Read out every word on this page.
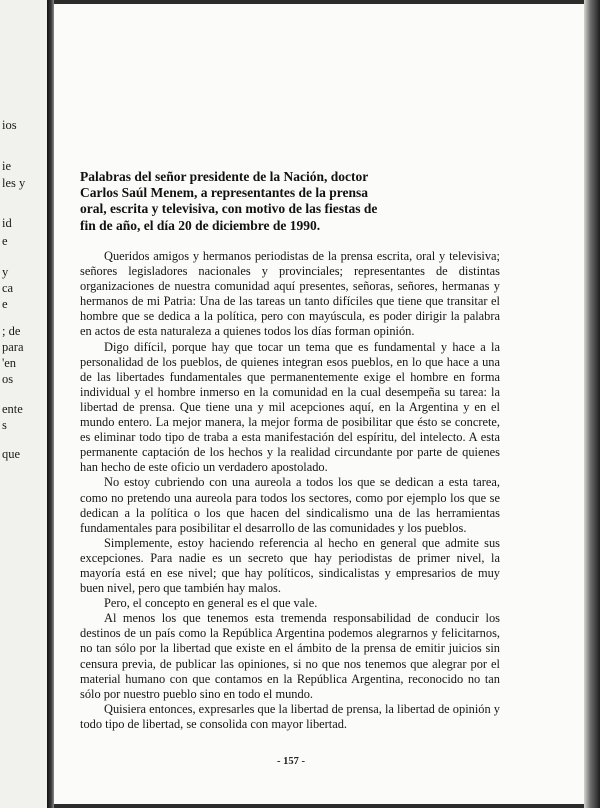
ios
ie
les y
id
e
y
ca
e
; de
para
'en
os
ente
s
que
Palabras del señor presidente de la Nación, doctor Carlos Saúl Menem, a representantes de la prensa oral, escrita y televisiva, con motivo de las fiestas de fin de año, el día 20 de diciembre de 1990.

Queridos amigos y hermanos periodistas de la prensa escrita, oral y televisiva; señores legisladores nacionales y provinciales; representantes de distintas organizaciones de nuestra comunidad aquí presentes, señoras, señores, hermanas y hermanos de mi Patria: Una de las tareas un tanto difíciles que tiene que transitar el hombre que se dedica a la política, pero con mayúscula, es poder dirigir la palabra en actos de esta naturaleza a quienes todos los días forman opinión.

Digo difícil, porque hay que tocar un tema que es fundamental y hace a la personalidad de los pueblos, de quienes integran esos pueblos, en lo que hace a una de las libertades fundamentales que permanentemente exige el hombre en forma individual y el hombre inmerso en la comunidad en la cual desempeña su tarea: la libertad de prensa. Que tiene una y mil acepciones aquí, en la Argentina y en el mundo entero. La mejor manera, la mejor forma de posibilitar que ésto se concrete, es eliminar todo tipo de traba a esta manifestación del espíritu, del intelecto. A esta permanente captación de los hechos y la realidad circundante por parte de quienes han hecho de este oficio un verdadero apostolado.

No estoy cubriendo con una aureola a todos los que se dedican a esta tarea, como no pretendo una aureola para todos los sectores, como por ejemplo los que se dedican a la política o los que hacen del sindicalismo una de las herramientas fundamentales para posibilitar el desarrollo de las comunidades y los pueblos.

Simplemente, estoy haciendo referencia al hecho en general que admite sus excepciones. Para nadie es un secreto que hay periodistas de primer nivel, la mayoría está en ese nivel; que hay políticos, sindicalistas y empresarios de muy buen nivel, pero que también hay malos.

Pero, el concepto en general es el que vale.

Al menos los que tenemos esta tremenda responsabilidad de conducir los destinos de un país como la República Argentina podemos alegrarnos y felicitarnos, no tan sólo por la libertad que existe en el ámbito de la prensa de emitir juicios sin censura previa, de publicar las opiniones, si no que nos tenemos que alegrar por el material humano con que contamos en la República Argentina, reconocido no tan sólo por nuestro pueblo sino en todo el mundo.

Quisiera entonces, expresarles que la libertad de prensa, la libertad de opinión y todo tipo de libertad, se consolida con mayor libertad.

- 157 -
